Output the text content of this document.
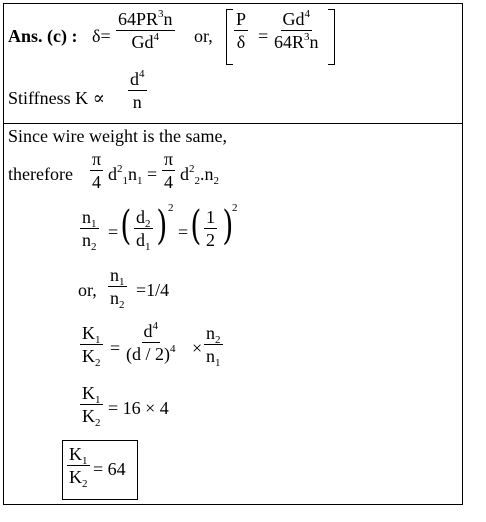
Ans. (c) : $\delta= \frac{64PR^3n}{Gd^4}$ or, $\frac{P}{\delta} = \frac{Gd^4}{64R^3n}$
Stiffness $K \propto \frac{d^4}{n}$
Since wire weight is the same,
therefore $\frac{\pi}{4} d^2_1n_1 = \frac{\pi}{4} d^2_2.n_2$
$\frac{n_1}{n_2}$ = ( $\frac{d_2}{d_1}$ ) 2
= ( $\frac{1}{2}$ )
2
or, $\frac{n_1}{n_2} =1/4$
$\frac{K_1}{K_2} = \frac{d^4}{(d / 2)^4} \times \frac{n_2}{n_1}$
$\frac{K_1}{K_2} = 16 \times 4$
$\frac{K_1}{K_2} = 64$
